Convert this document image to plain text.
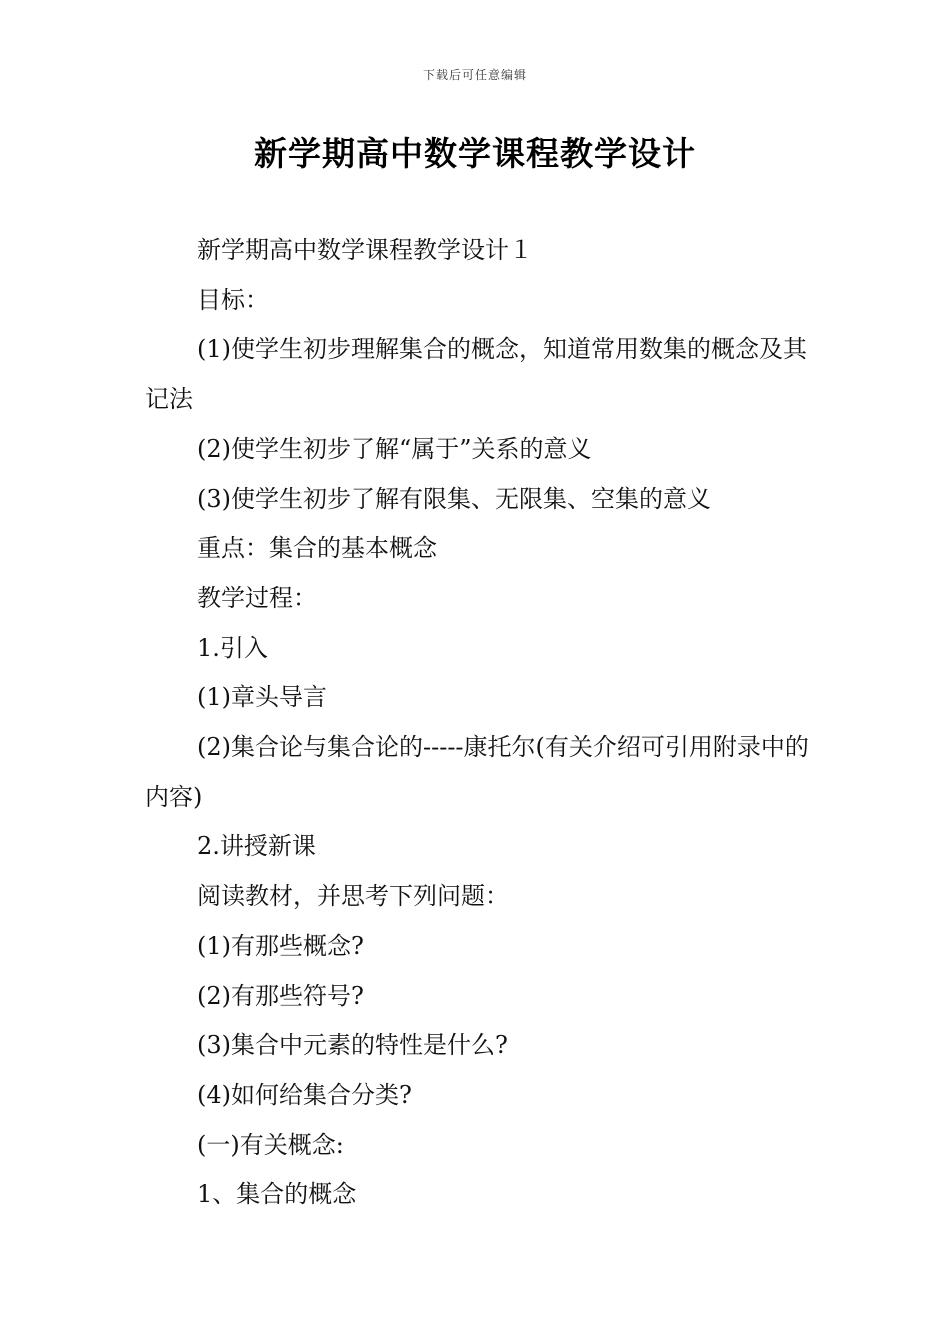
下载后可任意编辑
新学期高中数学课程教学设计

新学期高中数学课程教学设计１

目标：

(1)使学生初步理解集合的概念，知道常用数集的概念及其记法

(2)使学生初步了解“属于”关系的意义

(3)使学生初步了解有限集、无限集、空集的意义

重点：集合的基本概念

教学过程：

1.引入

(1)章头导言

(2)集合论与集合论的-----康托尔(有关介绍可引用附录中的内容)

2.讲授新课

阅读教材，并思考下列问题：

(1)有那些概念?

(2)有那些符号?

(3)集合中元素的特性是什么?

(4)如何给集合分类?

(一)有关概念:

1、集合的概念
